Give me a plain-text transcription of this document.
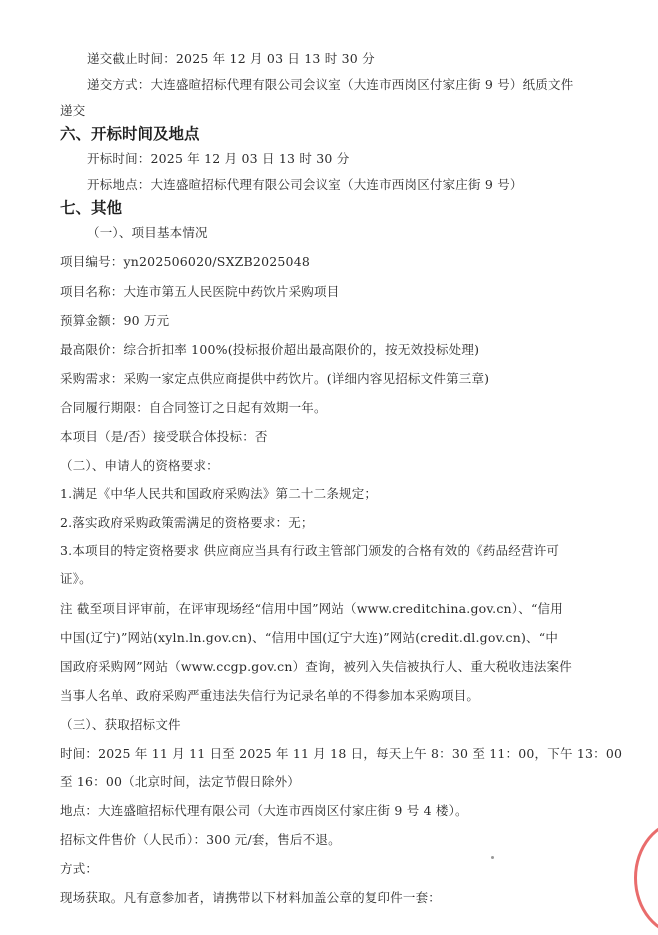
递交截止时间：2025 年 12 月 03 日 13 时 30 分
递交方式：大连盛暄招标代理有限公司会议室（大连市西岗区付家庄街 9 号）纸质文件
递交
六、开标时间及地点
开标时间：2025 年 12 月 03 日 13 时 30 分
开标地点：大连盛暄招标代理有限公司会议室（大连市西岗区付家庄街 9 号）
七、其他
（一）、项目基本情况
项目编号：yn202506020/SXZB2025048
项目名称：大连市第五人民医院中药饮片采购项目
预算金额：90 万元
最高限价：综合折扣率 100%(投标报价超出最高限价的，按无效投标处理)
采购需求：采购一家定点供应商提供中药饮片。(详细内容见招标文件第三章)
合同履行期限：自合同签订之日起有效期一年。
本项目（是/否）接受联合体投标：否
（二）、申请人的资格要求：
1.满足《中华人民共和国政府采购法》第二十二条规定；
2.落实政府采购政策需满足的资格要求：无；
3.本项目的特定资格要求 供应商应当具有行政主管部门颁发的合格有效的《药品经营许可
证》。
注 截至项目评审前，在评审现场经“信用中国”网站（www.creditchina.gov.cn）、“信用
中国(辽宁)”网站(xyln.ln.gov.cn)、“信用中国(辽宁大连)”网站(credit.dl.gov.cn)、“中
国政府采购网”网站（www.ccgp.gov.cn）查询，被列入失信被执行人、重大税收违法案件
当事人名单、政府采购严重违法失信行为记录名单的不得参加本采购项目。
（三）、获取招标文件
时间：2025 年 11 月 11 日至 2025 年 11 月 18 日，每天上午 8：30 至 11：00，下午 13：00
至 16：00（北京时间，法定节假日除外）
地点：大连盛暄招标代理有限公司（大连市西岗区付家庄街 9 号 4 楼）。
招标文件售价（人民币）：300 元/套，售后不退。
方式：
现场获取。凡有意参加者，请携带以下材料加盖公章的复印件一套：
